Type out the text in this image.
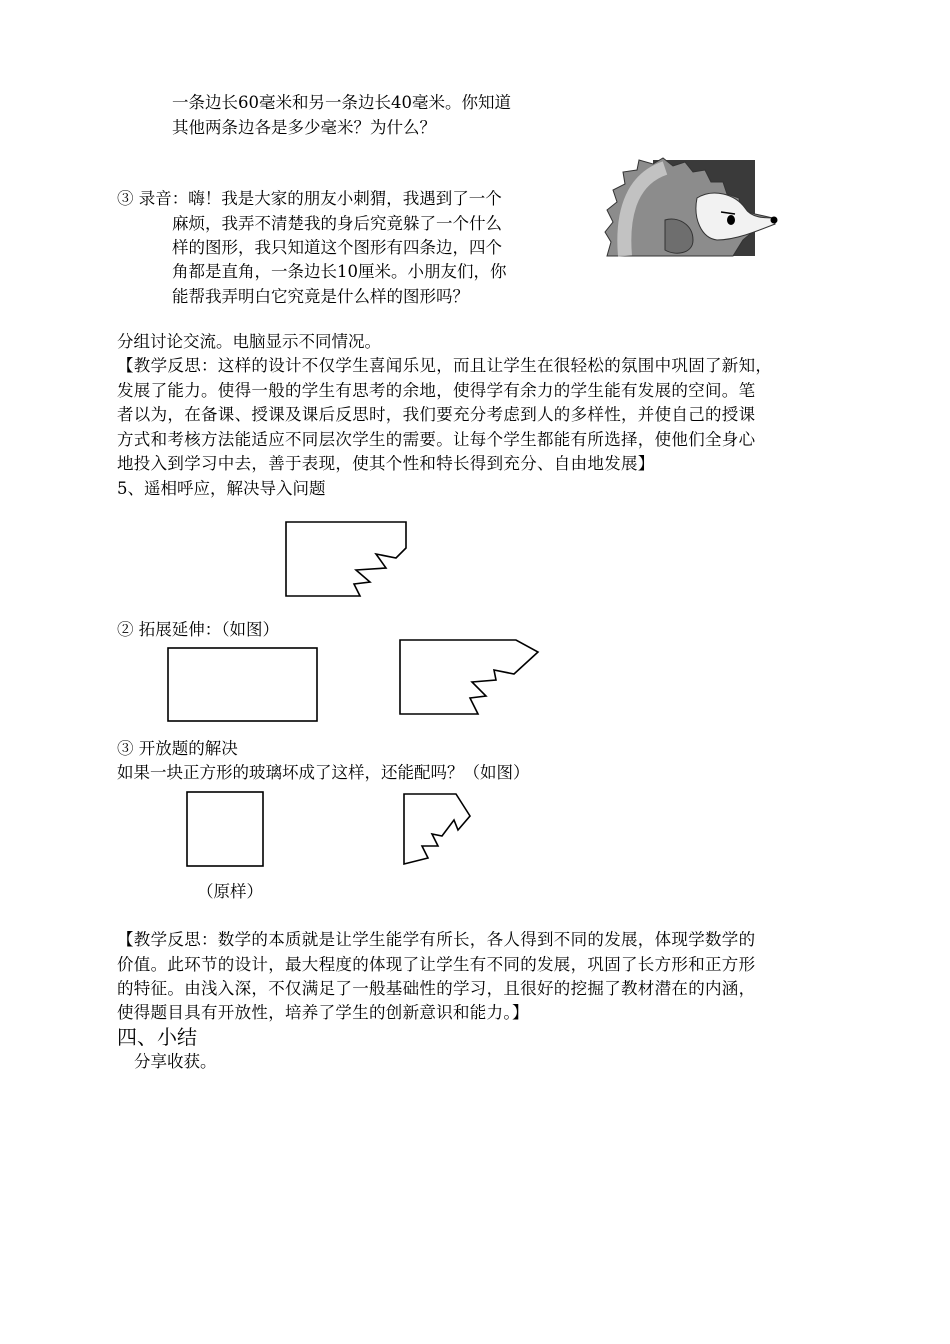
一条边长60毫米和另一条边长40毫米。你知道
其他两条边各是多少毫米？为什么？
③ 录音：嗨！我是大家的朋友小刺猬，我遇到了一个
麻烦，我弄不清楚我的身后究竟躲了一个什么
样的图形，我只知道这个图形有四条边，四个
角都是直角，一条边长10厘米。小朋友们，你
能帮我弄明白它究竟是什么样的图形吗？
分组讨论交流。电脑显示不同情况。
【教学反思：这样的设计不仅学生喜闻乐见，而且让学生在很轻松的氛围中巩固了新知，
发展了能力。使得一般的学生有思考的余地，使得学有余力的学生能有发展的空间。笔
者以为，在备课、授课及课后反思时，我们要充分考虑到人的多样性，并使自己的授课
方式和考核方法能适应不同层次学生的需要。让每个学生都能有所选择，使他们全身心
地投入到学习中去，善于表现，使其个性和特长得到充分、自由地发展】
5、遥相呼应，解决导入问题
② 拓展延伸：（如图）
③ 开放题的解决
如果一块正方形的玻璃坏成了这样，还能配吗？（如图）
（原样）
【教学反思：数学的本质就是让学生能学有所长，各人得到不同的发展，体现学数学的
价值。此环节的设计，最大程度的体现了让学生有不同的发展，巩固了长方形和正方形
的特征。由浅入深，不仅满足了一般基础性的学习，且很好的挖掘了教材潜在的内涵，
使得题目具有开放性，培养了学生的创新意识和能力。】
四、小结
分享收获。
